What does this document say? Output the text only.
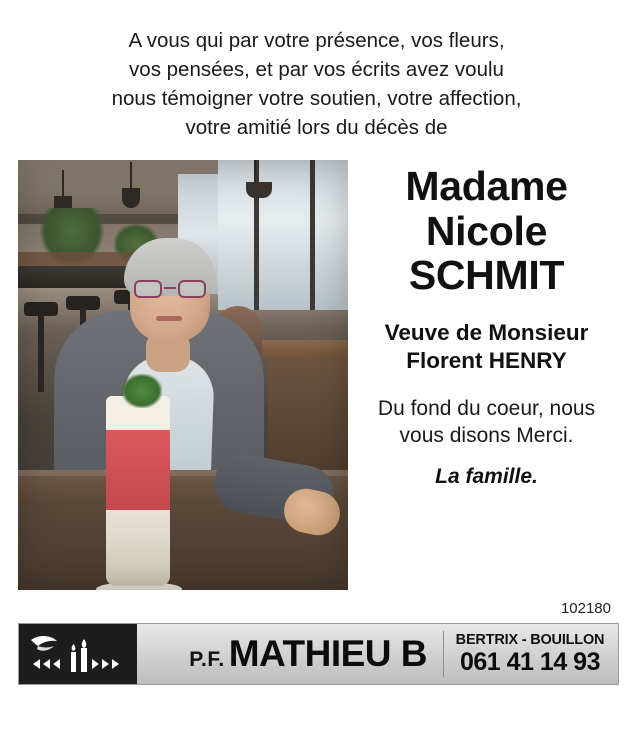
A vous qui par votre présence, vos fleurs,
vos pensées, et par vos écrits avez voulu
nous témoigner votre soutien, votre affection,
votre amitié lors du décès de
Madame
Nicole
SCHMIT
Veuve de Monsieur
Florent HENRY
Du fond du coeur, nous
vous disons Merci.
La famille.
102180
P.F. MATHIEU B	BERTRIX - BOUILLON
061 41 14 93
